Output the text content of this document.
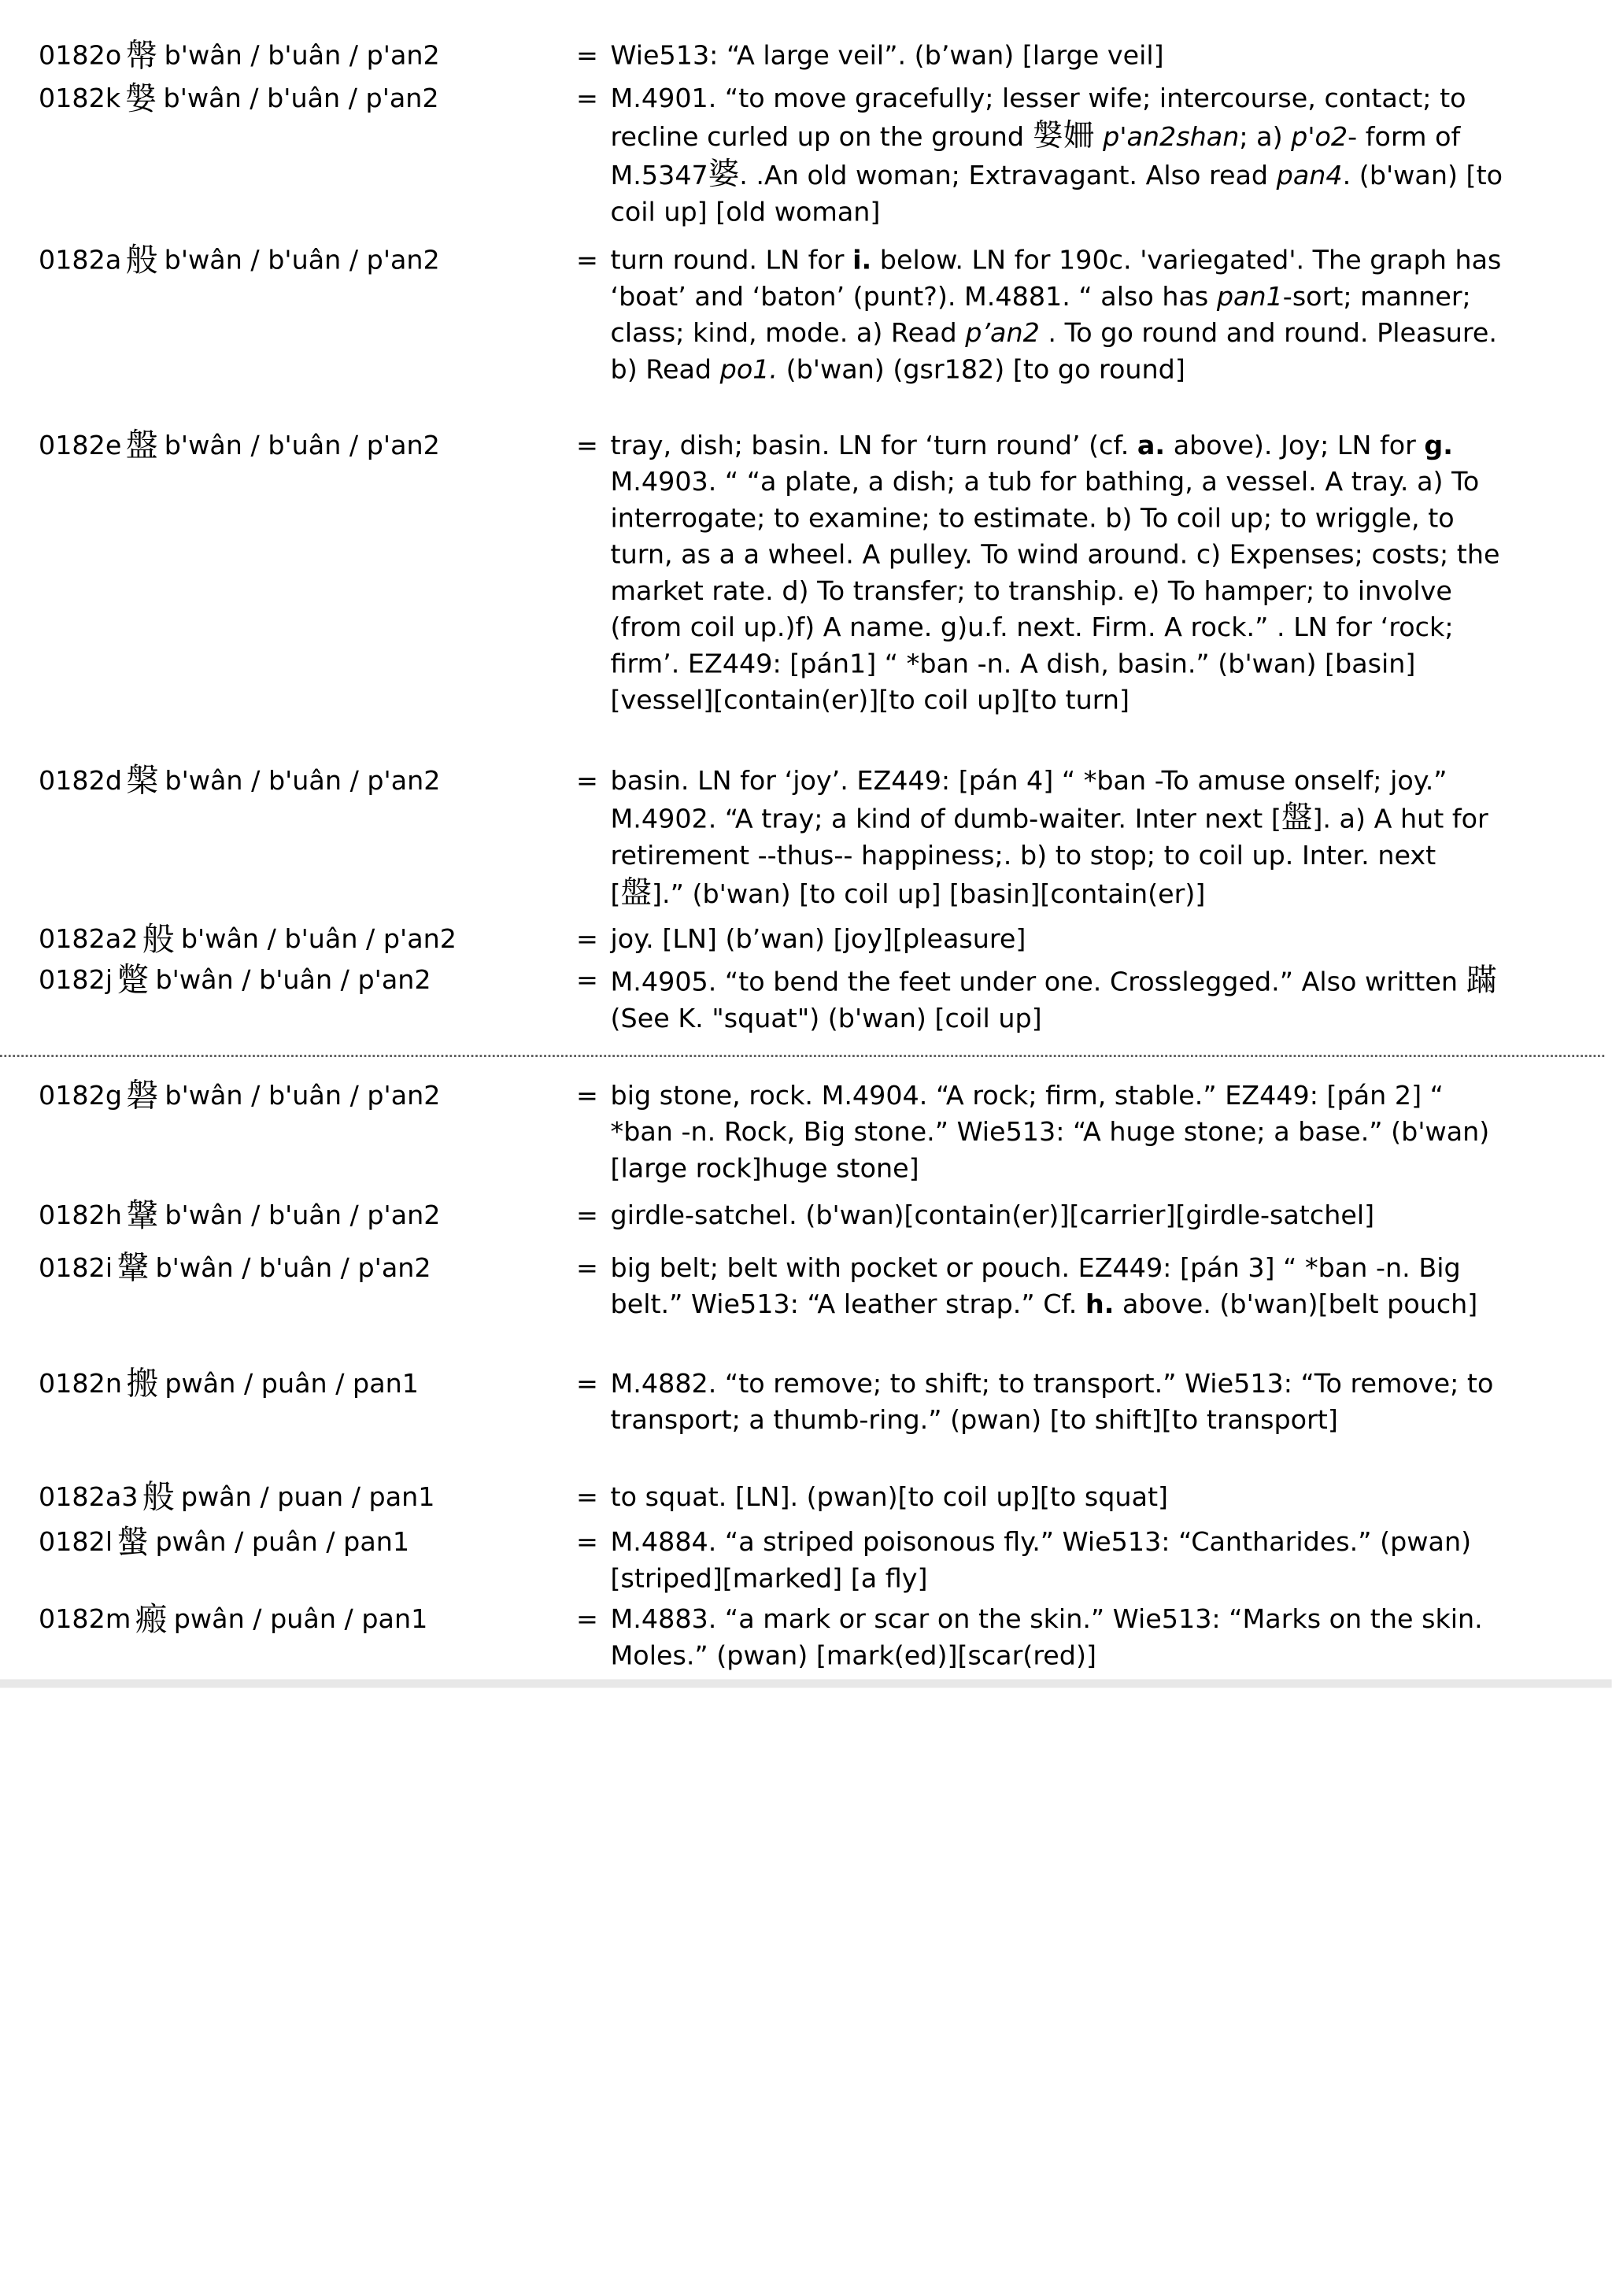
0182o 幋 b'wân / b'uân / p'an2	= Wie513: “A large veil”. (b’wan) [large veil]
0182k 媻 b'wân / b'uân / p'an2	= M.4901. “to move gracefully; lesser wife; intercourse, contact; to recline curled up on the ground 媻姍 p'an2shan; a) p'o2- form of M.5347婆. .An old woman; Extravagant. Also read pan4. (b'wan) [to coil up] [old woman]
0182a 般 b'wân / b'uân / p'an2	= turn round. LN for i. below. LN for 190c. 'variegated'. The graph has ‘boat’ and ‘baton’ (punt?). M.4881. “ also has pan1-sort; manner; class; kind, mode. a) Read p’an2 . To go round and round. Pleasure. b) Read po1. (b'wan) (gsr182) [to go round]
0182e 盤 b'wân / b'uân / p'an2	= tray, dish; basin. LN for ‘turn round’ (cf. a. above). Joy; LN for g. M.4903. “ “a plate, a dish; a tub for bathing, a vessel. A tray. a) To interrogate; to examine; to estimate. b) To coil up; to wriggle, to turn, as a a wheel. A pulley. To wind around. c) Expenses; costs; the market rate. d) To transfer; to tranship. e) To hamper; to involve (from coil up.)f) A name. g)u.f. next. Firm. A rock.” . LN for ‘rock; firm’. EZ449: [pán1] “ *ban -n. A dish, basin.” (b'wan) [basin][vessel][contain(er)][to coil up][to turn]
0182d 槃 b'wân / b'uân / p'an2	= basin. LN for ‘joy’. EZ449: [pán 4] “ *ban -To amuse onself; joy.” M.4902. “A tray; a kind of dumb-waiter. Inter next [盤]. a) A hut for retirement --thus-- happiness;. b) to stop; to coil up. Inter. next [盤].” (b'wan) [to coil up] [basin][contain(er)]
0182a2 般 b'wân / b'uân / p'an2	= joy. [LN] (b’wan) [joy][pleasure]
0182j 蹩 b'wân / b'uân / p'an2	= M.4905. “to bend the feet under one. Crosslegged.” Also written 蹣 (See K. "squat") (b'wan) [coil up]
0182g 磐 b'wân / b'uân / p'an2	= big stone, rock. M.4904. “A rock; firm, stable.” EZ449: [pán 2] “ *ban -n. Rock, Big stone.” Wie513: “A huge stone; a base.” (b'wan) [large rock]huge stone]
0182h 鞶 b'wân / b'uân / p'an2	= girdle-satchel. (b'wan)[contain(er)][carrier][girdle-satchel]
0182i 鞶 b'wân / b'uân / p'an2	= big belt; belt with pocket or pouch. EZ449: [pán 3] “ *ban -n. Big belt.” Wie513: “A leather strap.” Cf. h. above. (b'wan)[belt pouch]
0182n 搬 pwân / puân / pan1	= M.4882. “to remove; to shift; to transport.” Wie513: “To remove; to transport; a thumb-ring.” (pwan) [to shift][to transport]
0182a3 般 pwân / puan / pan1	= to squat. [LN]. (pwan)[to coil up][to squat]
0182l 螌 pwân / puân / pan1	= M.4884. “a striped poisonous fly.” Wie513: “Cantharides.” (pwan) [striped][marked] [a fly]
0182m 瘢 pwân / puân / pan1	= M.4883. “a mark or scar on the skin.” Wie513: “Marks on the skin. Moles.” (pwan) [mark(ed)][scar(red)]
